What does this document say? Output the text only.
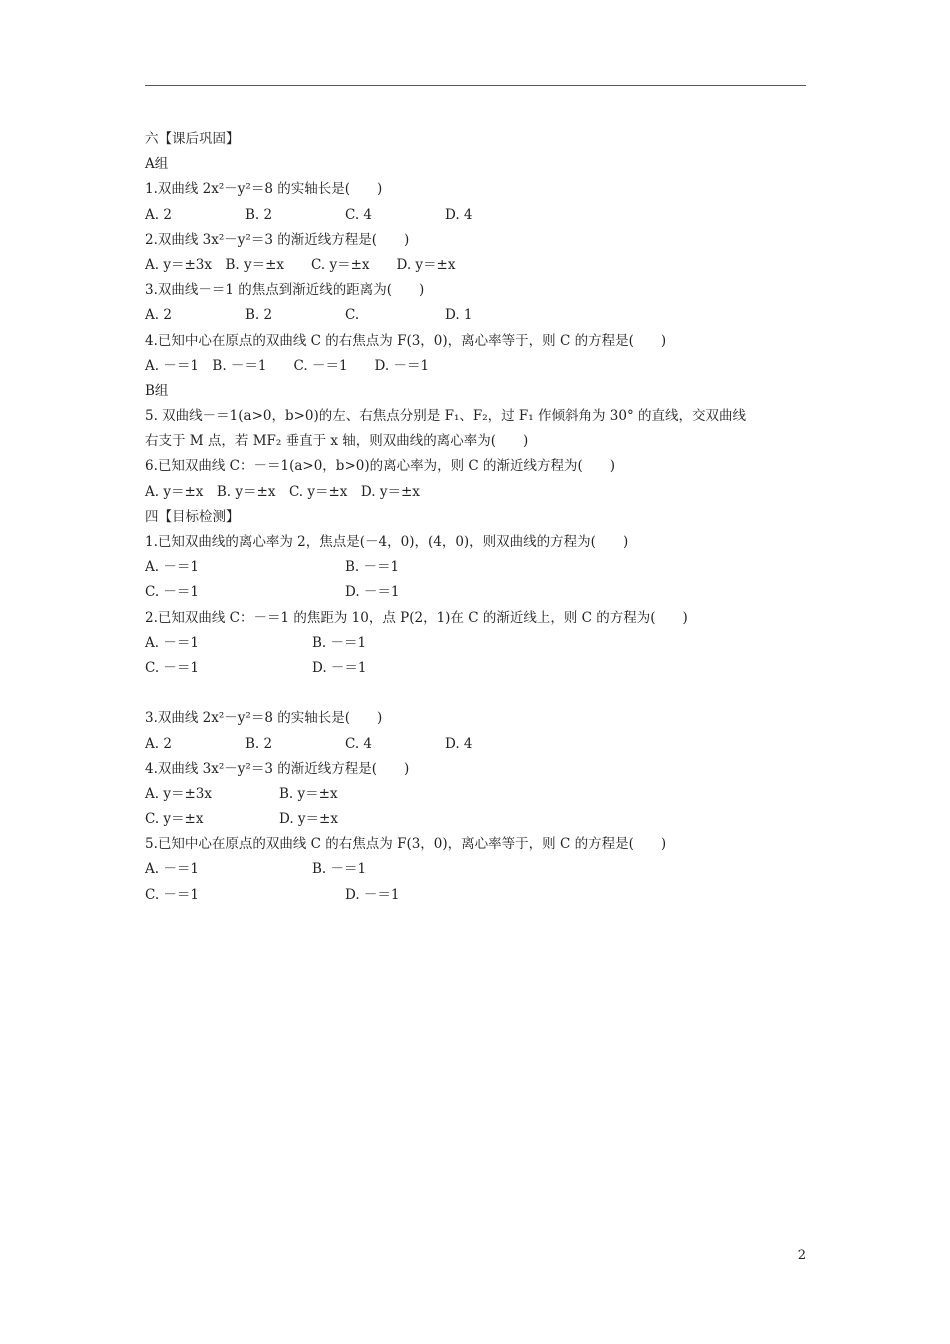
六【课后巩固】
A组
1.双曲线 2x²－y²＝8 的实轴长是(　　)
A. 2	B. 2	C. 4	D. 4
2.双曲线 3x²－y²＝3 的渐近线方程是(　　)
A. y＝±3x　B. y＝±x　　C. y＝±x　　D. y＝±x
3.双曲线－＝1 的焦点到渐近线的距离为(　　)
A. 2	B. 2	C.	D. 1
4.已知中心在原点的双曲线 C 的右焦点为 F(3，0)，离心率等于，则 C 的方程是(　　)
A. －＝1　B. －＝1　　C. －＝1　　D. －＝1
B组
5. 双曲线－＝1(a>0，b>0)的左、右焦点分别是 F₁、F₂，过 F₁ 作倾斜角为 30° 的直线，交双曲线
右支于 M 点，若 MF₂ 垂直于 x 轴，则双曲线的离心率为(　　)
6.已知双曲线 C：－＝1(a>0，b>0)的离心率为，则 C 的渐近线方程为(　　)
A. y＝±x　B. y＝±x　C. y＝±x　D. y＝±x
四【目标检测】
1.已知双曲线的离心率为 2，焦点是(－4，0)，(4，0)，则双曲线的方程为(　　)
A. －＝1	B. －＝1
C. －＝1	D. －＝1
2.已知双曲线 C：－＝1 的焦距为 10，点 P(2，1)在 C 的渐近线上，则 C 的方程为(　　)
A. －＝1	B. －＝1
C. －＝1	D. －＝1
3.双曲线 2x²－y²＝8 的实轴长是(　　)
A. 2	B. 2	C. 4	D. 4
4.双曲线 3x²－y²＝3 的渐近线方程是(　　)
A. y＝±3x	B. y＝±x
C. y＝±x	D. y＝±x
5.已知中心在原点的双曲线 C 的右焦点为 F(3，0)，离心率等于，则 C 的方程是(　　)
A. －＝1	B. －＝1
C. －＝1	D. －＝1
2
